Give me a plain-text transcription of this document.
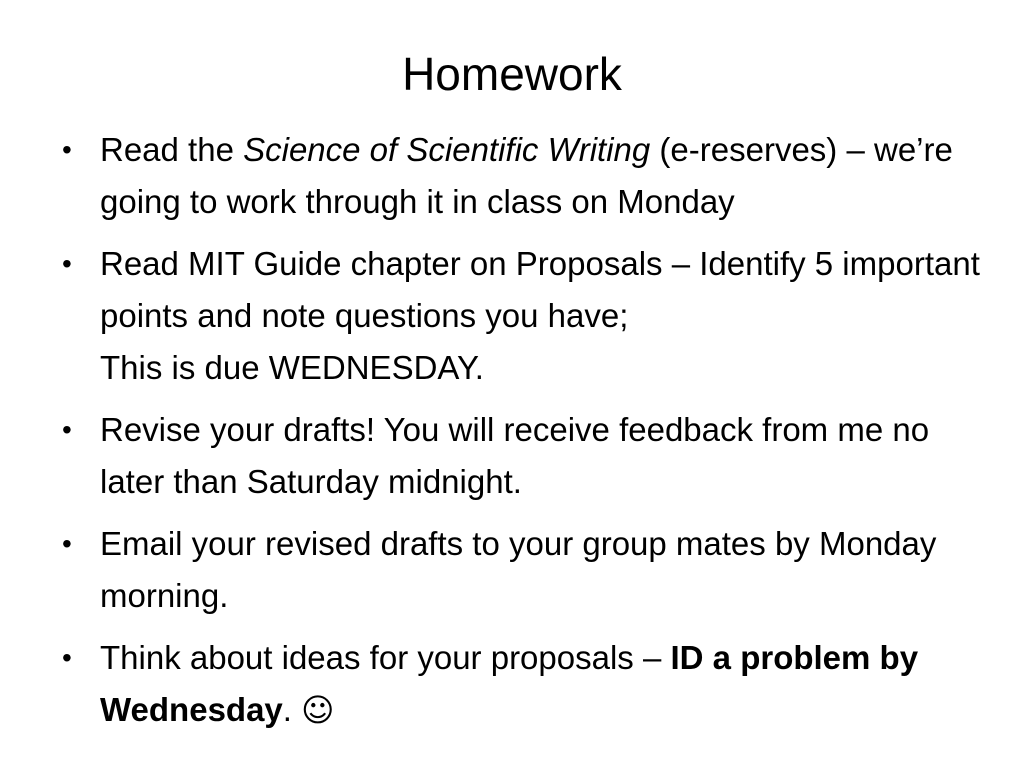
Homework
• Read the Science of Scientific Writing (e-reserves) – we’re going to work through it in class on Monday
• Read MIT Guide chapter on Proposals – Identify 5 important points and note questions you have;
This is due WEDNESDAY.
• Revise your drafts! You will receive feedback from me no later than Saturday midnight.
• Email your revised drafts to your group mates by Monday morning.
• Think about ideas for your proposals – ID a problem by Wednesday. ☺
